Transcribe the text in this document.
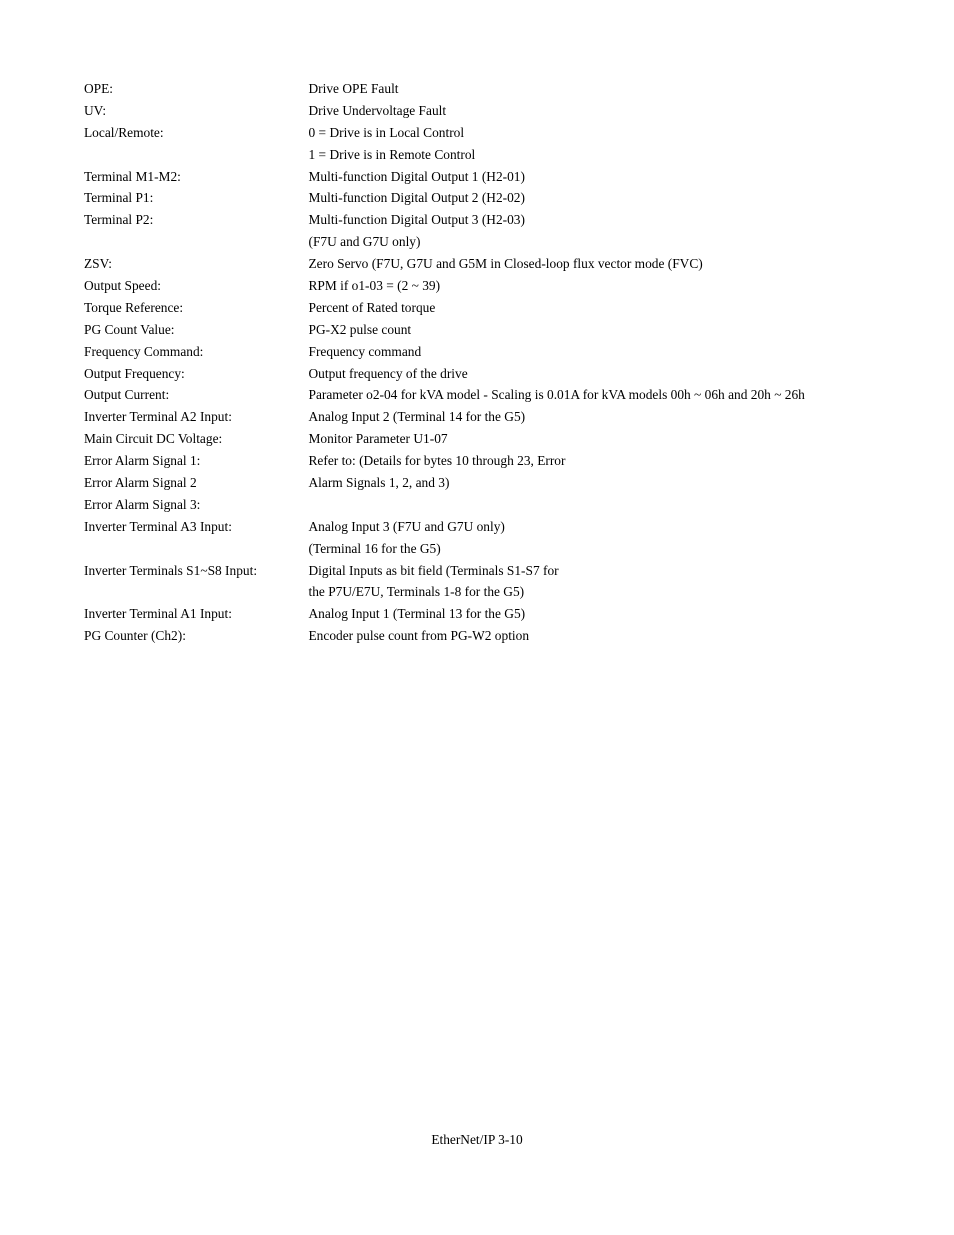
OPE:	Drive OPE Fault
UV:	Drive Undervoltage Fault
Local/Remote:	0 = Drive is in Local Control
1 = Drive is in Remote Control
Terminal M1-M2:	Multi-function Digital Output 1 (H2-01)
Terminal P1:	Multi-function Digital Output 2 (H2-02)
Terminal P2:	Multi-function Digital Output 3 (H2-03)
(F7U and G7U only)
ZSV:	Zero Servo (F7U, G7U and G5M in Closed-loop flux vector mode (FVC)
Output Speed:	RPM if o1-03 = (2 ~ 39)
Torque Reference:	Percent of Rated torque
PG Count Value:	PG-X2 pulse count
Frequency Command:	Frequency command
Output Frequency:	Output frequency of the drive
Output Current:	Parameter o2-04 for kVA model - Scaling is 0.01A for kVA models 00h ~ 06h and 20h ~ 26h
Inverter Terminal A2 Input:	Analog Input 2 (Terminal 14 for the G5)
Main Circuit DC Voltage:	Monitor Parameter U1-07
Error Alarm Signal 1:	Refer to: (Details for bytes 10 through 23, Error
Error Alarm Signal 2	Alarm Signals 1, 2, and 3)
Error Alarm Signal 3:
Inverter Terminal A3 Input:	Analog Input 3 (F7U and G7U only)
(Terminal 16 for the G5)
Inverter Terminals S1~S8 Input:	Digital Inputs as bit field (Terminals S1-S7 for
the P7U/E7U, Terminals 1-8 for the G5)
Inverter Terminal A1 Input:	Analog Input 1 (Terminal 13 for the G5)
PG Counter (Ch2):	Encoder pulse count from PG-W2 option
EtherNet/IP 3-10
